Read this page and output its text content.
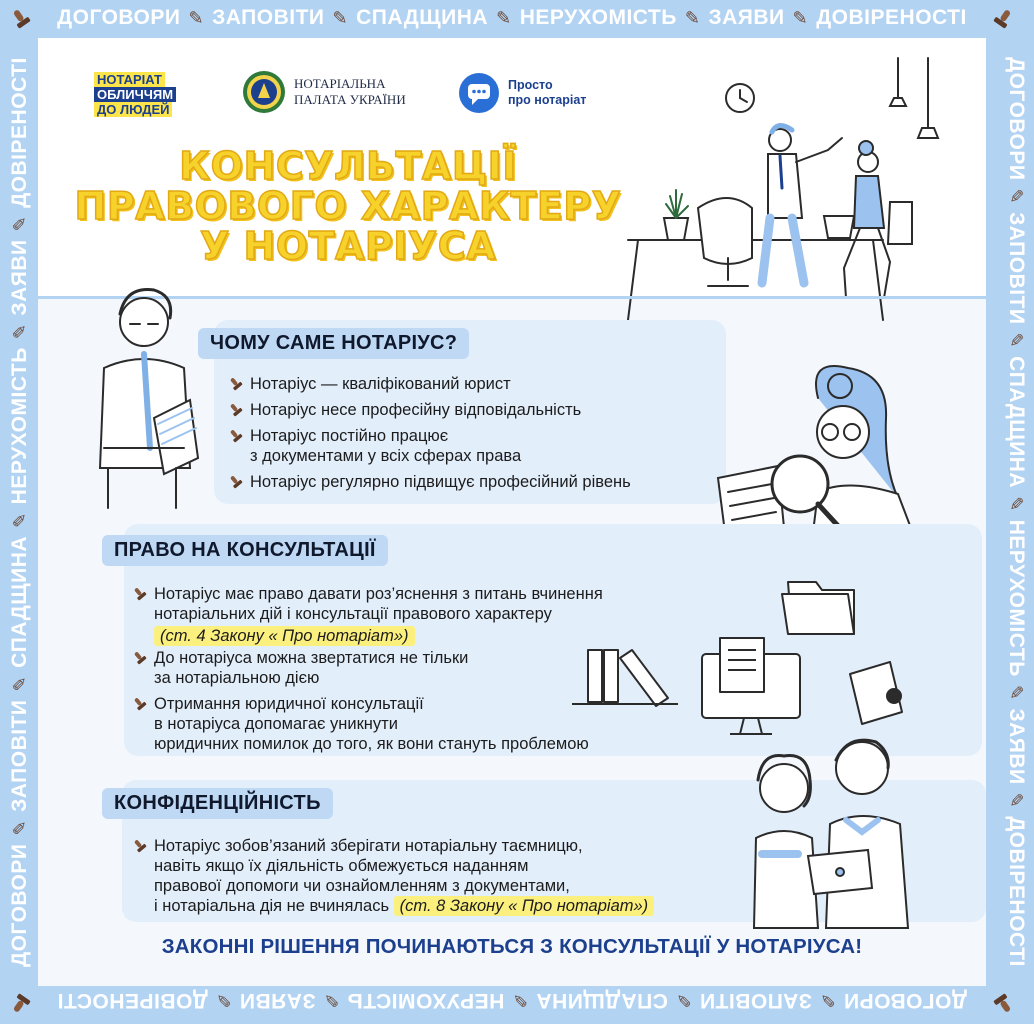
ДОГОВОРИ ✎ ЗАПОВІТИ ✎ СПАДЩИНА ✎ НЕРУХОМІСТЬ ✎ ЗАЯВИ ✎ ДОВІРЕНОСТІ
ДОГОВОРИ
✎
ЗАПОВІТИ
✎
СПАДЩИНА
✎
НЕРУХОМІСТЬ
✎
ЗАЯВИ
✎
ДОВІРЕНОСТІ
ДОГОВОРИ
✎
ЗАПОВІТИ
✎
СПАДЩИНА
✎
НЕРУХОМІСТЬ
✎
ЗАЯВИ
✎
ДОВІРЕНОСТІ
ДОГОВОРИ
✎
ЗАПОВІТИ
✎
СПАДЩИНА
✎
НЕРУХОМІСТЬ
✎
ЗАЯВИ
✎
ДОВІРЕНОСТІ	НОТАРІАТ
ОБЛИЧЧЯМ
ДО ЛЮДЕЙ
НОТАРІАЛЬНА
ПАЛАТА УКРАЇНИ
Просто
про нотаріат
КОНСУЛЬТАЦІЇ
ПРАВОВОГО ХАРАКТЕРУ
У НОТАРІУСА
ЧОМУ САМЕ НОТАРІУС?
Нотаріус — кваліфікований юрист
Нотаріус несе професійну відповідальність
Нотаріус постійно працює
з документами у всіх сферах права
Нотаріус регулярно підвищує професійний рівень
ПРАВО НА КОНСУЛЬТАЦІЇ
Нотаріус має право давати роз’яснення з питань вчинення
нотаріальних дій і консультації правового характеру
(ст. 4 Закону « Про нотаріат»)
До нотаріуса можна звертатися не тільки
за нотаріальною дією
Отримання юридичної консультації
в нотаріуса допомагає уникнути
юридичних помилок до того, як вони стануть проблемою
КОНФІДЕНЦІЙНІСТЬ
Нотаріус зобов’язаний зберігати нотаріальну таємницю,
навіть якщо їх діяльність обмежується наданням
правової допомоги чи ознайомленням з документами,
і нотаріальна дія не вчинялась (ст. 8 Закону « Про нотаріат»)
ЗАКОННІ РІШЕННЯ ПОЧИНАЮТЬСЯ З КОНСУЛЬТАЦІЇ У НОТАРІУСА!
